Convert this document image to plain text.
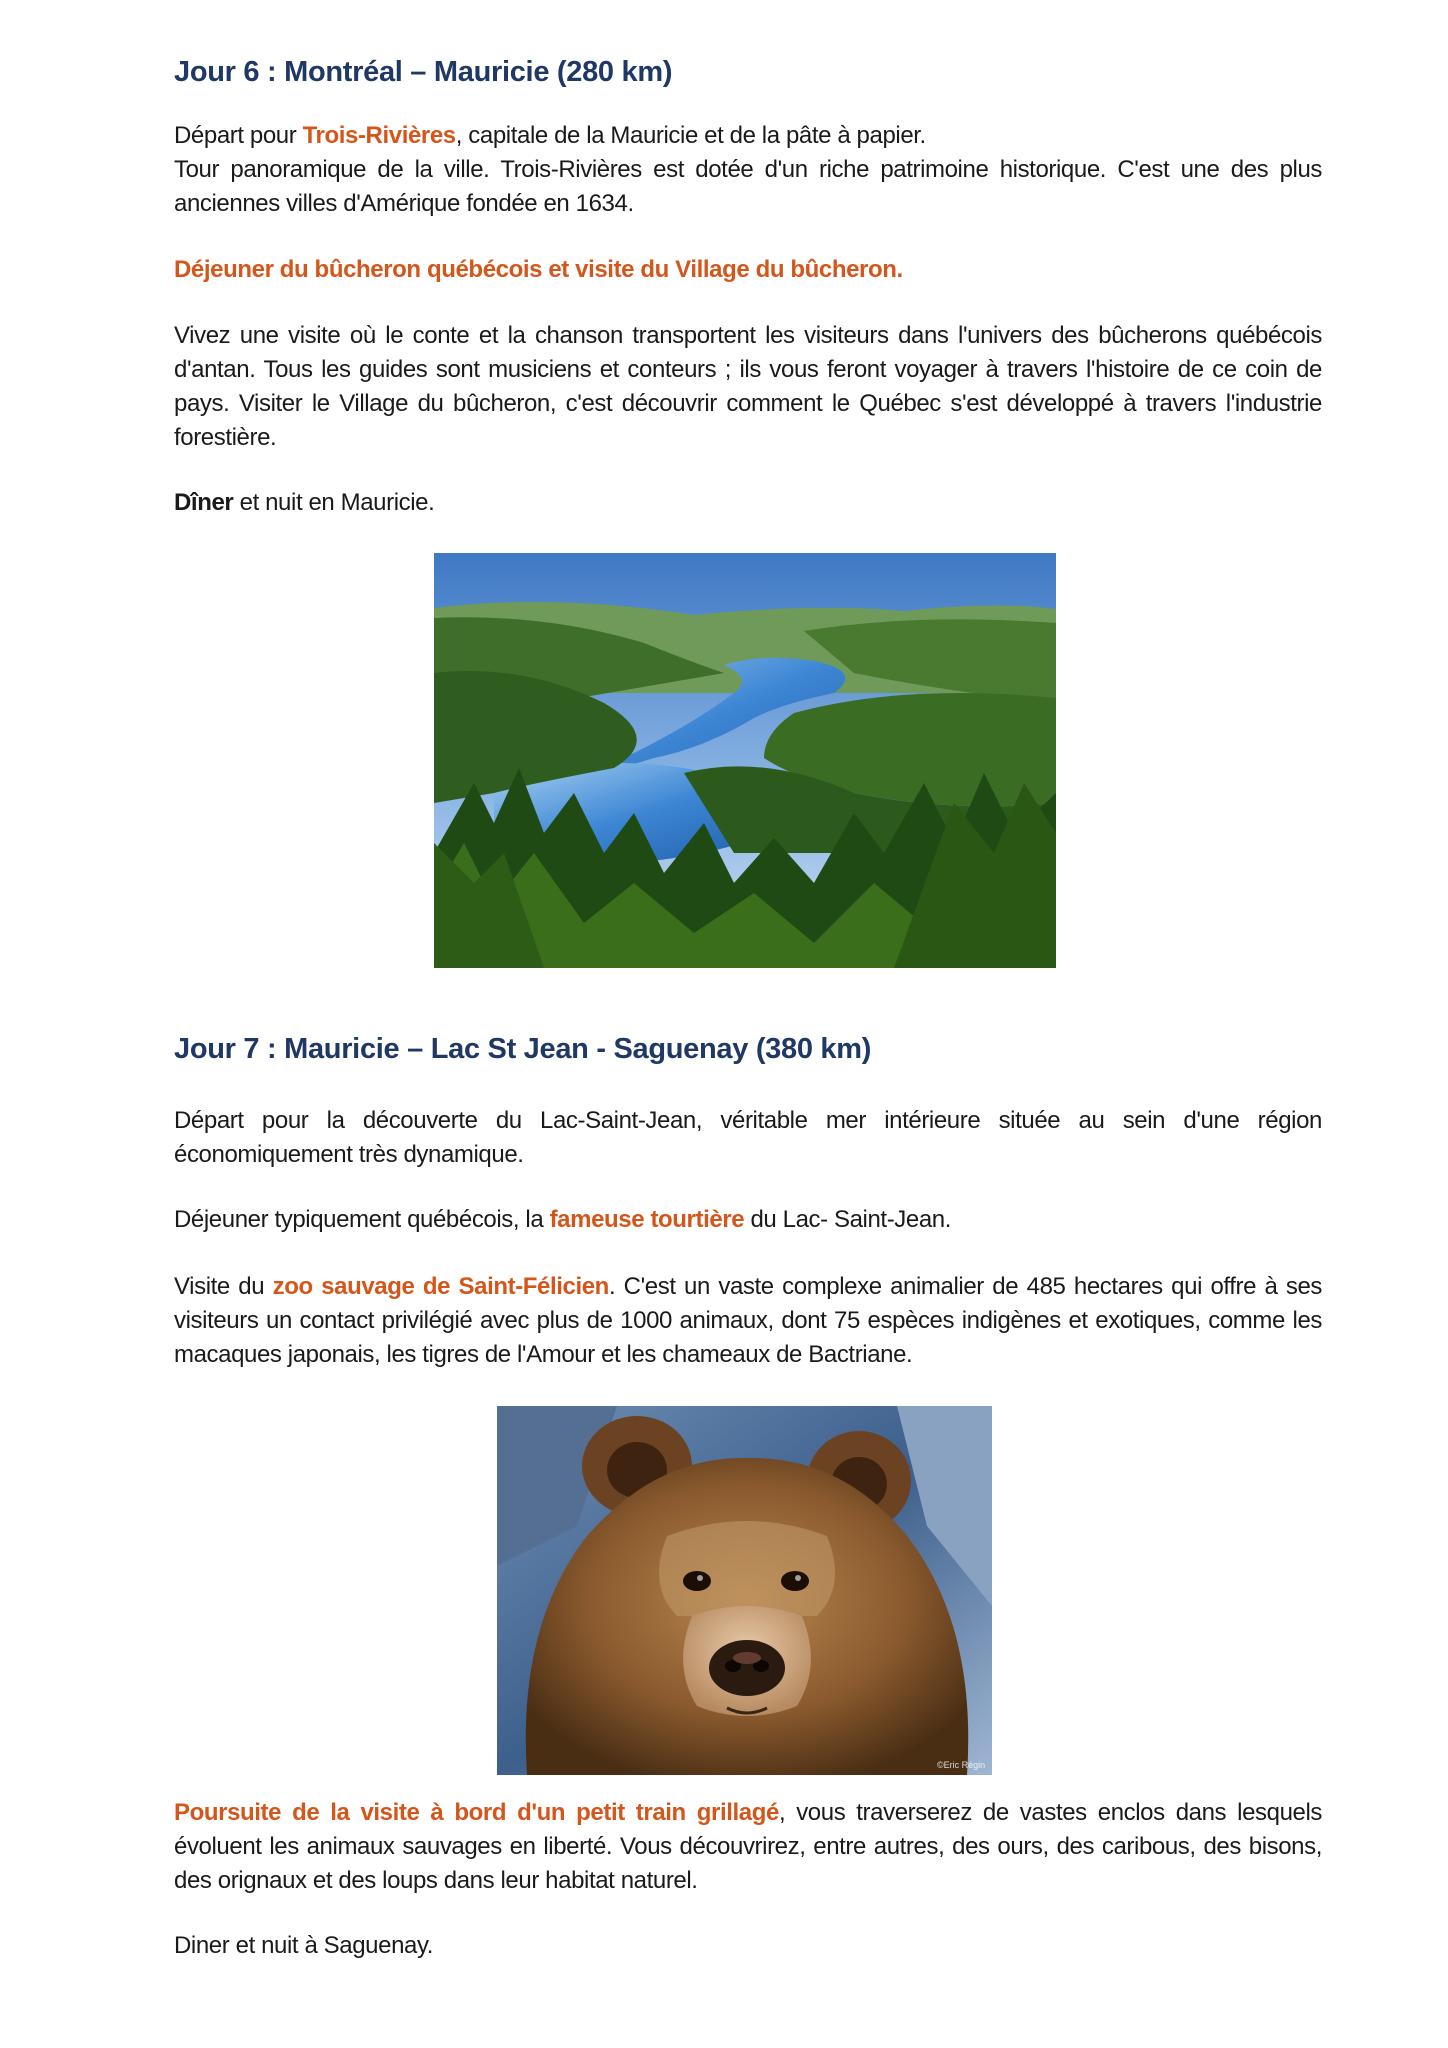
Jour 6 : Montréal – Mauricie (280 km)

Départ pour Trois-Rivières, capitale de la Mauricie et de la pâte à papier.

Tour panoramique de la ville. Trois-Rivières est dotée d'un riche patrimoine historique. C'est une des plus anciennes villes d'Amérique fondée en 1634.

Déjeuner du bûcheron québécois et visite du Village du bûcheron.

Vivez une visite où le conte et la chanson transportent les visiteurs dans l'univers des bûcherons québécois d'antan. Tous les guides sont musiciens et conteurs ; ils vous feront voyager à travers l'histoire de ce coin de pays. Visiter le Village du bûcheron, c'est découvrir comment le Québec s'est développé à travers l'industrie forestière.

Dîner et nuit en Mauricie.

Jour 7 : Mauricie – Lac St Jean - Saguenay (380 km)

Départ pour la découverte du Lac-Saint-Jean, véritable mer intérieure située au sein d'une région économiquement très dynamique.

Déjeuner typiquement québécois, la fameuse tourtière du Lac- Saint-Jean.

Visite du zoo sauvage de Saint-Félicien. C'est un vaste complexe animalier de 485 hectares qui offre à ses visiteurs un contact privilégié avec plus de 1000 animaux, dont 75 espèces indigènes et exotiques, comme les macaques japonais, les tigres de l'Amour et les chameaux de Bactriane.

©Eric Régin

Poursuite de la visite à bord d'un petit train grillagé, vous traverserez de vastes enclos dans lesquels évoluent les animaux sauvages en liberté. Vous découvrirez, entre autres, des ours, des caribous, des bisons, des orignaux et des loups dans leur habitat naturel.

Diner et nuit à Saguenay.
